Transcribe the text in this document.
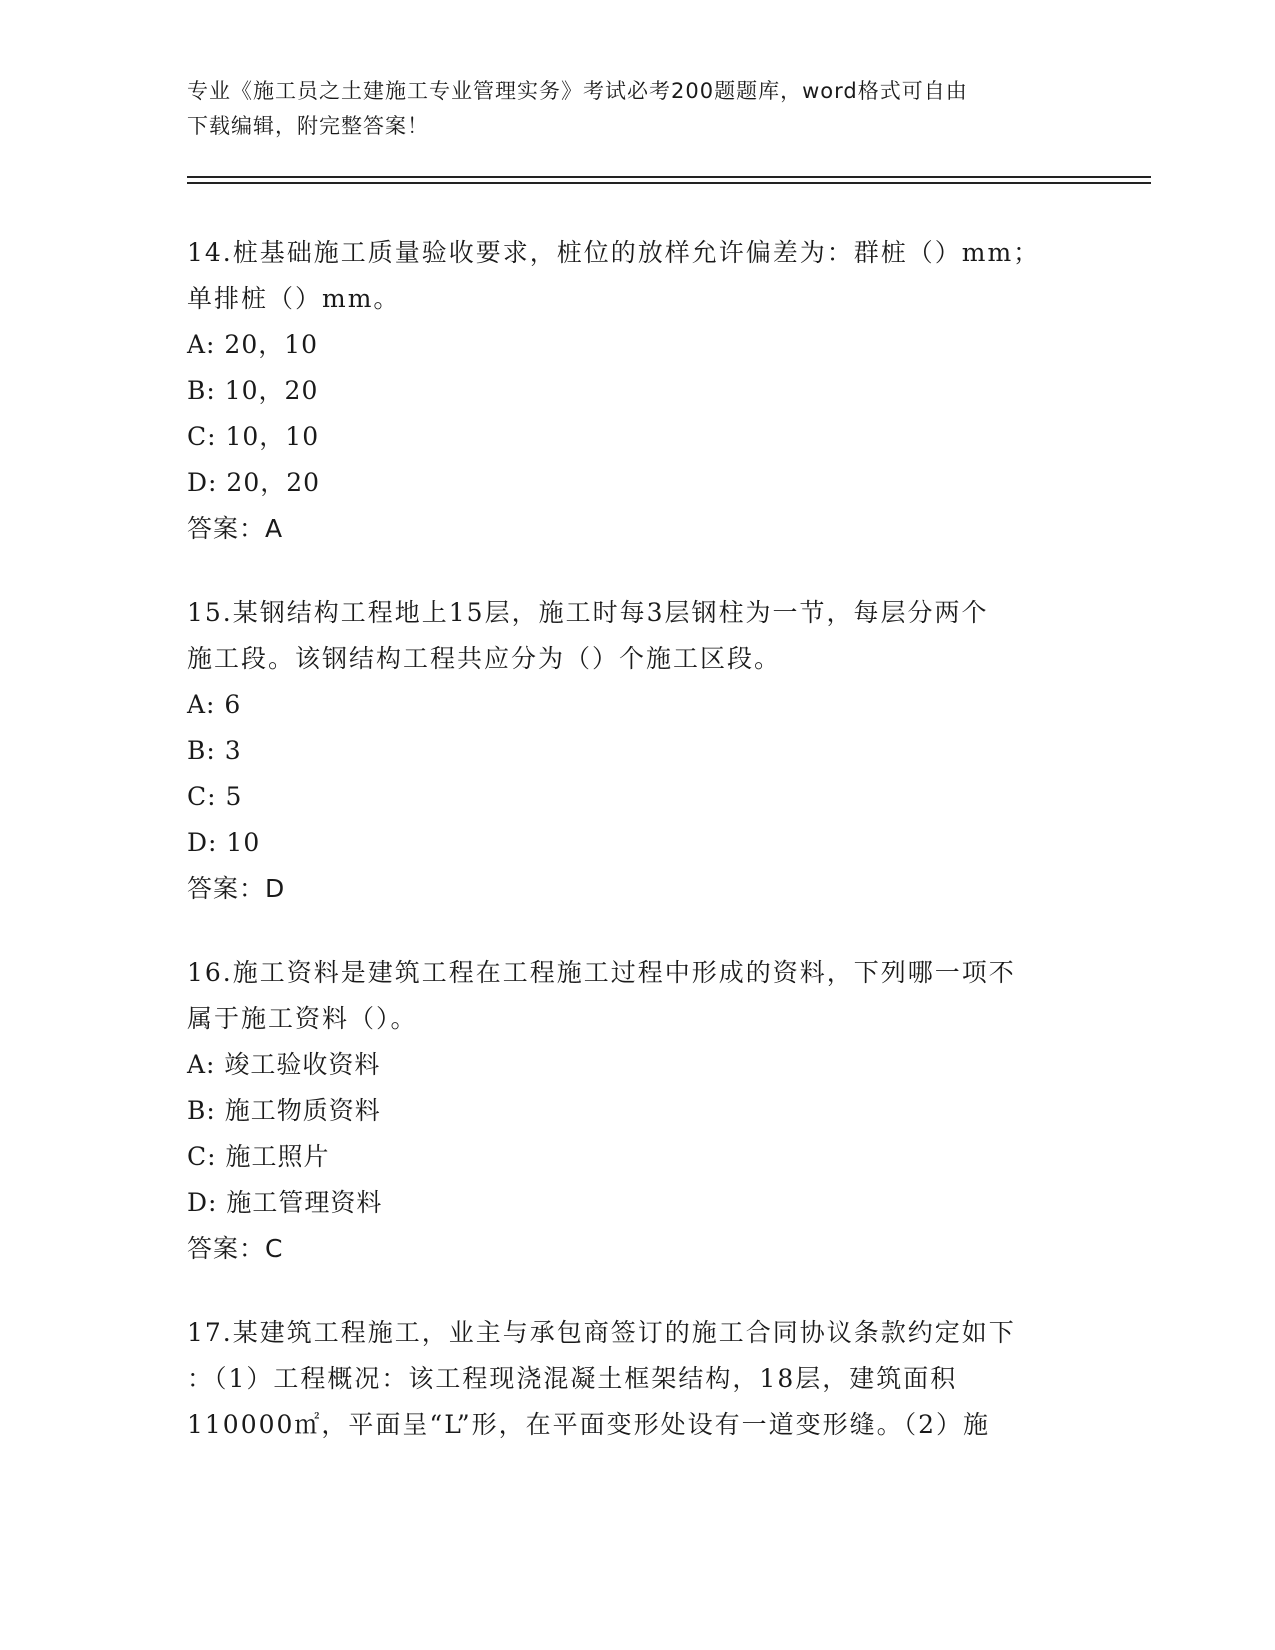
专业《施工员之土建施工专业管理实务》考试必考200题题库，word格式可自由
下载编辑，附完整答案！
14.桩基础施工质量验收要求，桩位的放样允许偏差为：群桩（）mm；
单排桩（）mm。
A: 20，10
B: 10，20
C: 10，10
D: 20，20
答案：A
15.某钢结构工程地上15层，施工时每3层钢柱为一节，每层分两个
施工段。该钢结构工程共应分为（）个施工区段。
A: 6
B: 3
C: 5
D: 10
答案：D
16.施工资料是建筑工程在工程施工过程中形成的资料，下列哪一项不
属于施工资料（）。
A: 竣工验收资料
B: 施工物质资料
C: 施工照片
D: 施工管理资料
答案：C
17.某建筑工程施工，业主与承包商签订的施工合同协议条款约定如下
：（1）工程概况：该工程现浇混凝土框架结构，18层，建筑面积
110000㎡，平面呈“L”形，在平面变形处设有一道变形缝。（2）施
